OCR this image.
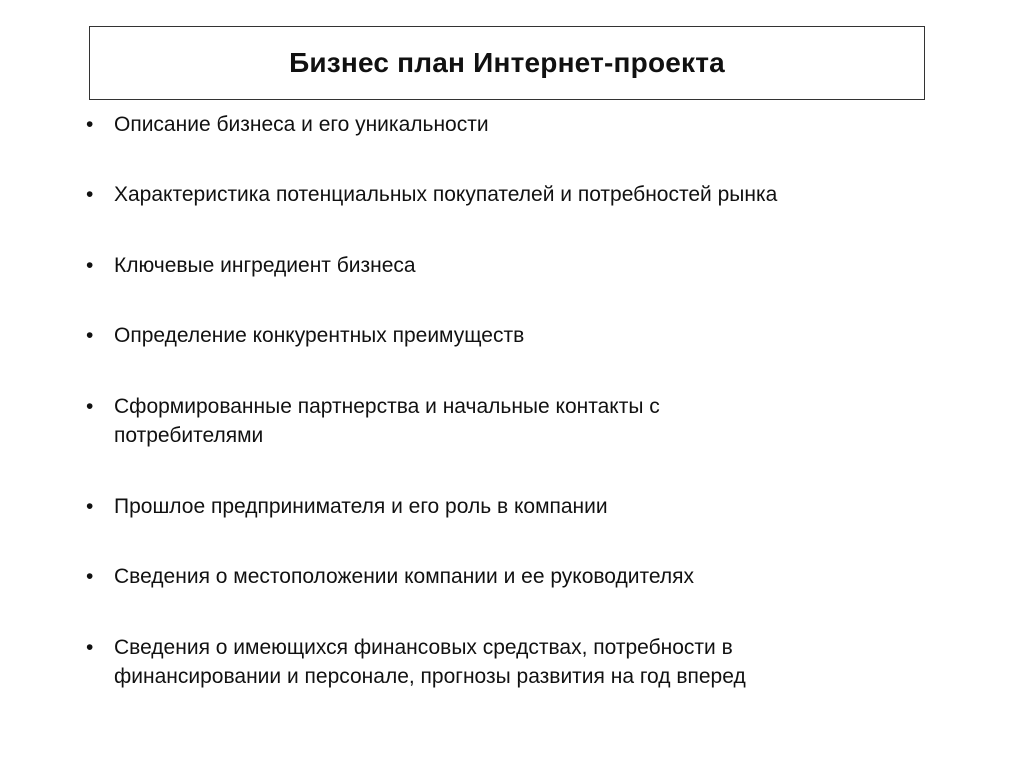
Бизнес план Интернет-проекта
• Описание бизнеса и его уникальности
• Характеристика потенциальных покупателей и потребностей рынка
• Ключевые ингредиент бизнеса
• Определение конкурентных преимуществ
• Сформированные партнерства и начальные контакты с потребителями
• Прошлое предпринимателя и его роль в компании
• Сведения о местоположении компании и ее руководителях
• Сведения о имеющихся финансовых средствах, потребности в финансировании и персонале, прогнозы развития на год вперед
